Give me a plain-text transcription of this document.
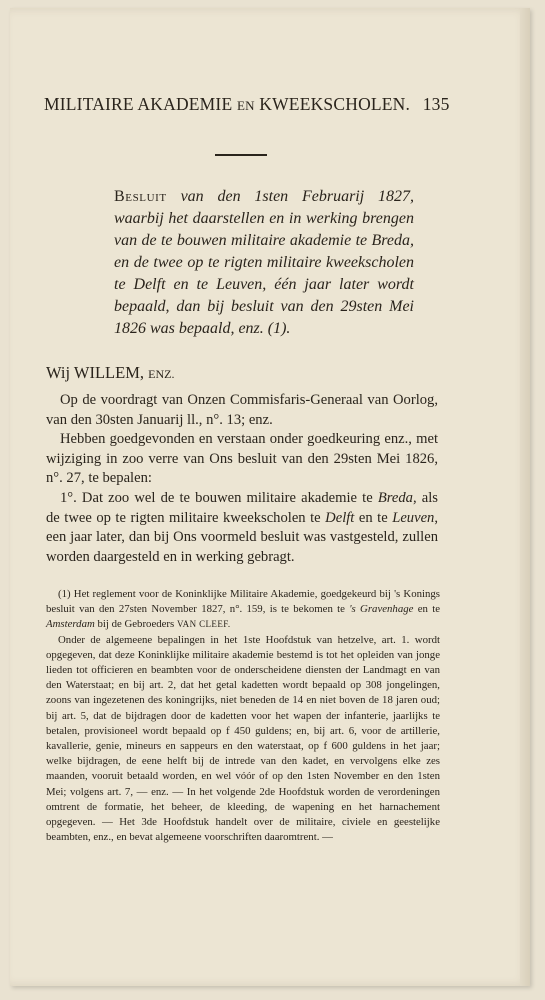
MILITAIRE AKADEMIE EN KWEEKSCHOLEN. 135
Besluit van den 1sten Februarij 1827, waarbij het daarstellen en in werking brengen van de te bouwen militaire akademie te Breda, en de twee op te rigten militaire kweekscholen te Delft en te Leuven, één jaar later wordt bepaald, dan bij besluit van den 29sten Mei 1826 was bepaald, enz. (1).
Wij WILLEM, ENZ.

Op de voordragt van Onzen Commisfaris-Generaal van Oorlog, van den 30sten Januarij ll., n°. 13; enz.

Hebben goedgevonden en verstaan onder goedkeuring enz., met wijziging in zoo verre van Ons besluit van den 29sten Mei 1826, n°. 27, te bepalen:

1°. Dat zoo wel de te bouwen militaire akademie te Breda, als de twee op te rigten militaire kweekscholen te Delft en te Leuven, een jaar later, dan bij Ons voormeld besluit was vastgesteld, zullen worden daargesteld en in werking gebragt.

(1) Het reglement voor de Koninklijke Militaire Akademie, goedgekeurd bij 's Konings besluit van den 27sten November 1827, n°. 159, is te bekomen te 's Gravenhage en te Amsterdam bij de Gebroeders VAN CLEEF.

Onder de algemeene bepalingen in het 1ste Hoofdstuk van hetzelve, art. 1. wordt opgegeven, dat deze Koninklijke militaire akademie bestemd is tot het opleiden van jonge lieden tot officieren en beambten voor de onderscheidene diensten der Landmagt en van den Waterstaat; en bij art. 2, dat het getal kadetten wordt bepaald op 308 jongelingen, zoons van ingezetenen des koningrijks, niet beneden de 14 en niet boven de 18 jaren oud; bij art. 5, dat de bijdragen door de kadetten voor het wapen der infanterie, jaarlijks te betalen, provisioneel wordt bepaald op f 450 guldens; en, bij art. 6, voor de artillerie, kavallerie, genie, mineurs en sappeurs en den waterstaat, op f 600 guldens in het jaar; welke bijdragen, de eene helft bij de intrede van den kadet, en vervolgens elke zes maanden, vooruit betaald worden, en wel vóór of op den 1sten November en den 1sten Mei; volgens art. 7, — enz. — In het volgende 2de Hoofdstuk worden de verordeningen omtrent de formatie, het beheer, de kleeding, de wapening en het harnachement opgegeven. — Het 3de Hoofdstuk handelt over de militaire, civiele en geestelijke beambten, enz., en bevat algemeene voorschriften daaromtrent. —
